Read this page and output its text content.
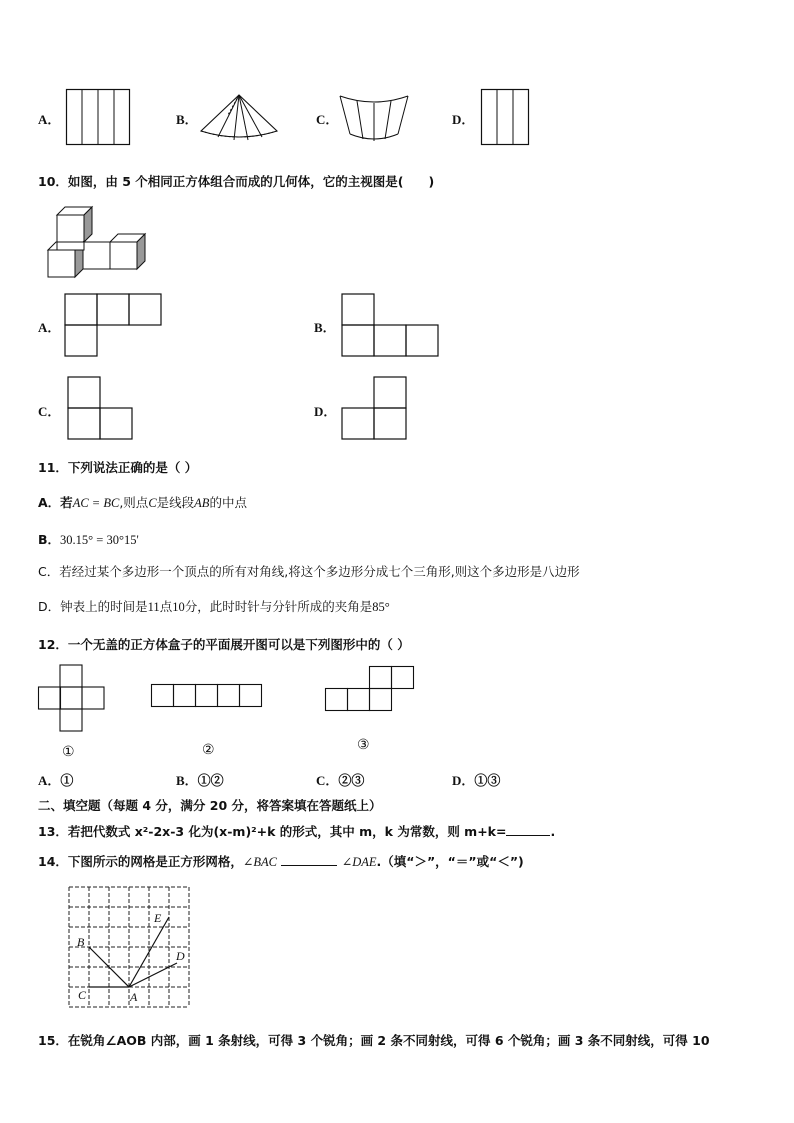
A．	B．	C．	D．
10．如图，由 5 个相同正方体组合而成的几何体，它的主视图是(　　)
A．	B．
C．	D．
11．下列说法正确的是（ ）
A．若AC = BC,则点C是线段AB的中点
B．30.15° = 30°15'
C．若经过某个多边形一个顶点的所有对角线,将这个多边形分成七个三角形,则这个多边形是八边形
D．钟表上的时间是11点10分，此时时针与分针所成的夹角是85°
12．一个无盖的正方体盒子的平面展开图可以是下列图形中的（ ）
①	②	③
A．①	B．①②	C．②③	D．①③
二、填空题（每题 4 分，满分 20 分，将答案填在答题纸上）
13．若把代数式 x²-2x-3 化为(x-m)²+k 的形式，其中 m，k 为常数，则 m+k=	.
14．下图所示的网格是正方形网格，∠BAC	∠DAE.（填“＞”，“＝”或“＜”)
B
C	A
D
E
15．在锐角∠AOB 内部，画 1 条射线，可得 3 个锐角；画 2 条不同射线，可得 6 个锐角；画 3 条不同射线，可得 10
